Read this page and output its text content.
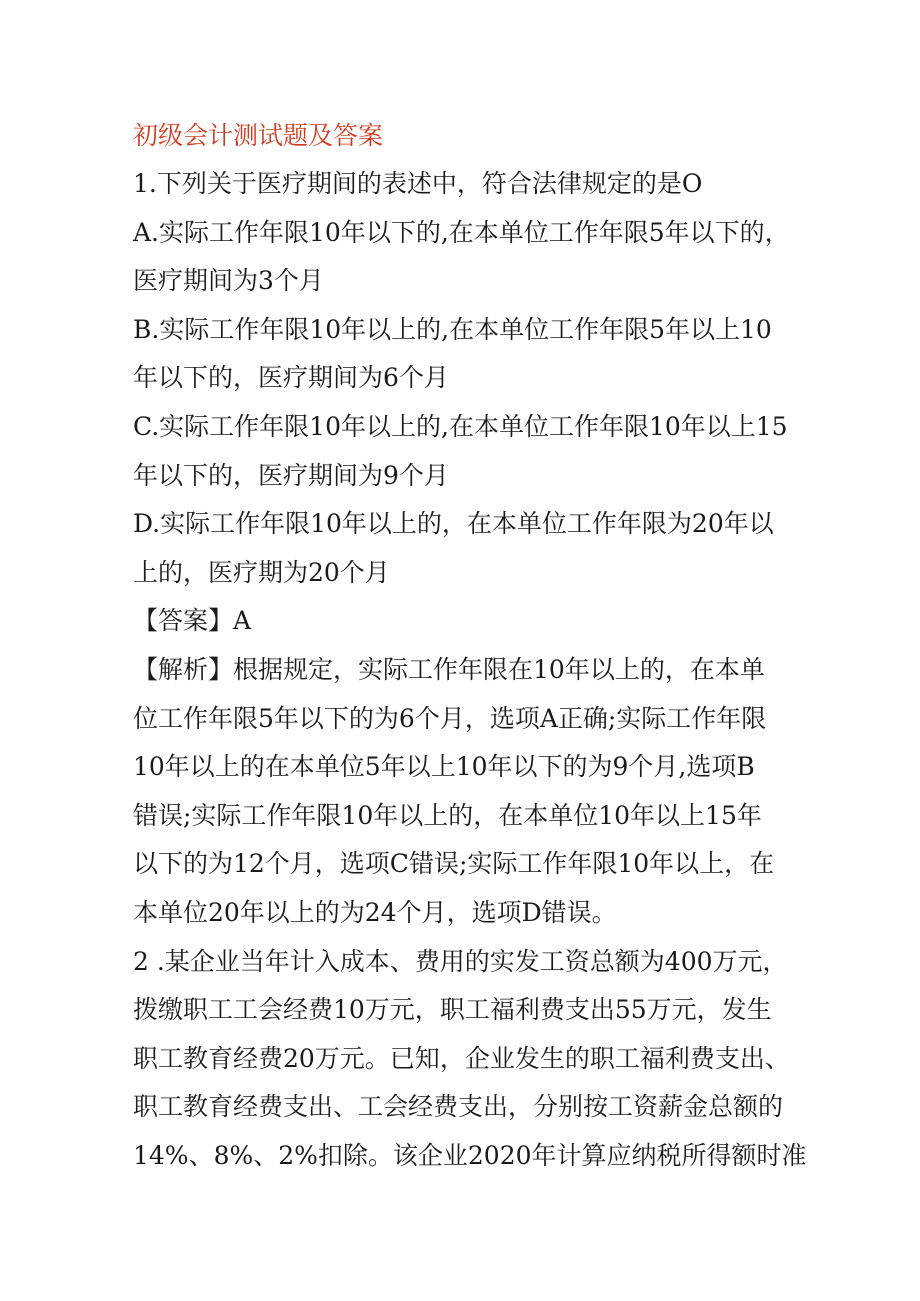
初级会计测试题及答案
1.下列关于医疗期间的表述中，符合法律规定的是O
A.实际工作年限10年以下的,在本单位工作年限5年以下的，
医疗期间为3个月
B.实际工作年限10年以上的,在本单位工作年限5年以上10
年以下的，医疗期间为6个月
C.实际工作年限10年以上的,在本单位工作年限10年以上15
年以下的，医疗期间为9个月
D.实际工作年限10年以上的，在本单位工作年限为20年以
上的，医疗期为20个月
【答案】A
【解析】根据规定，实际工作年限在10年以上的，在本单
位工作年限5年以下的为6个月，选项A正确;实际工作年限
10年以上的在本单位5年以上10年以下的为9个月,选项B
错误;实际工作年限10年以上的，在本单位10年以上15年
以下的为12个月，选项C错误;实际工作年限10年以上，在
本单位20年以上的为24个月，选项D错误。
2 .某企业当年计入成本、费用的实发工资总额为400万元，
拨缴职工工会经费10万元，职工福利费支出55万元，发生
职工教育经费20万元。已知，企业发生的职工福利费支出、
职工教育经费支出、工会经费支出，分别按工资薪金总额的
14%、8%、2%扣除。该企业2020年计算应纳税所得额时准
